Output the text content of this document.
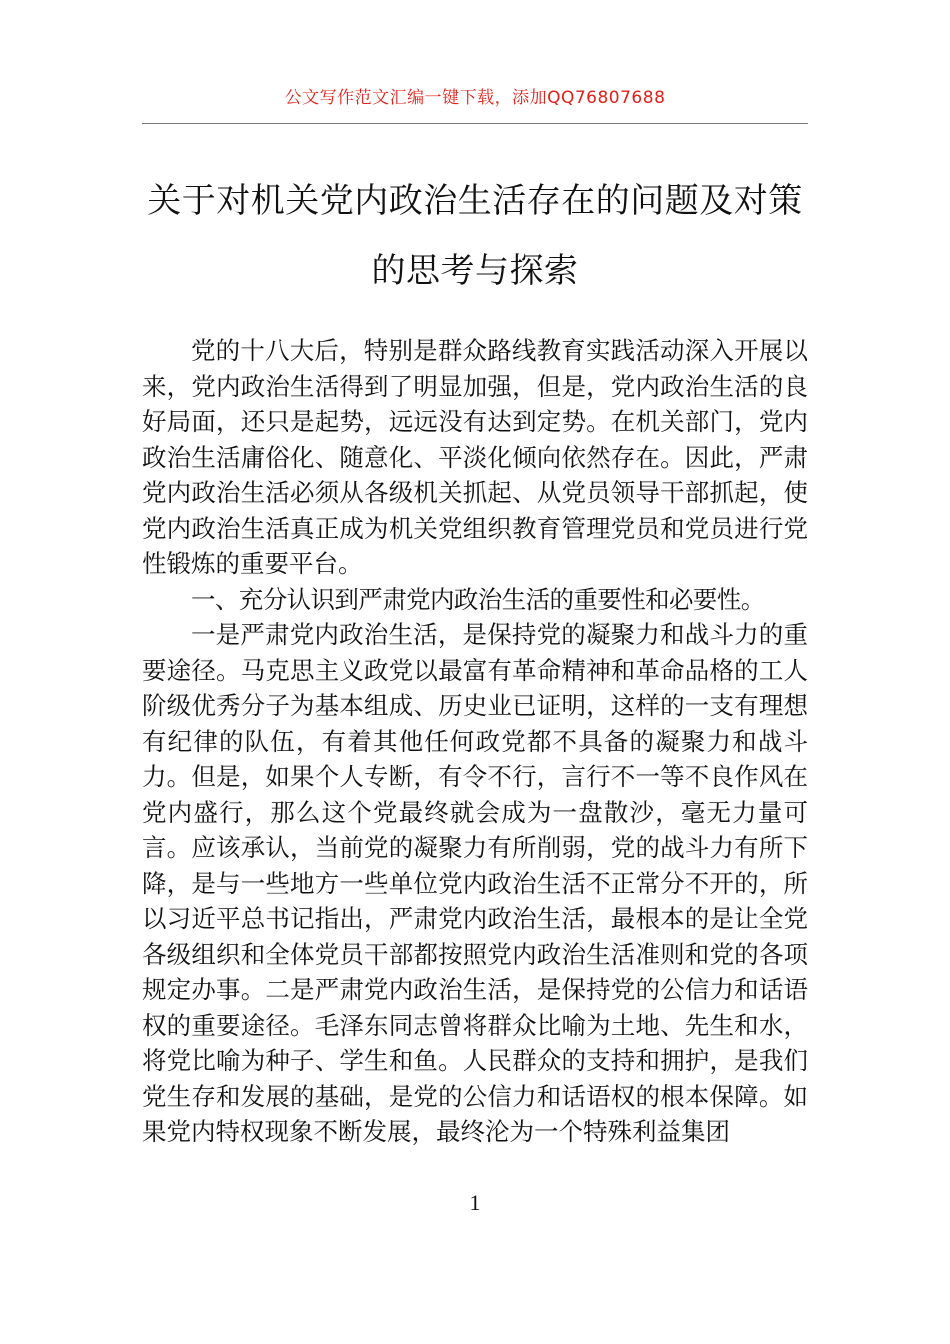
公文写作范文汇编一键下载，添加QQ76807688
关于对机关党内政治生活存在的问题及对策的思考与探索

党的十八大后，特别是群众路线教育实践活动深入开展以来，党内政治生活得到了明显加强，但是，党内政治生活的良好局面，还只是起势，远远没有达到定势。在机关部门，党内政治生活庸俗化、随意化、平淡化倾向依然存在。因此，严肃党内政治生活必须从各级机关抓起、从党员领导干部抓起，使党内政治生活真正成为机关党组织教育管理党员和党员进行党性锻炼的重要平台。

一、充分认识到严肃党内政治生活的重要性和必要性。

一是严肃党内政治生活，是保持党的凝聚力和战斗力的重要途径。马克思主义政党以最富有革命精神和革命品格的工人阶级优秀分子为基本组成、历史业已证明，这样的一支有理想有纪律的队伍，有着其他任何政党都不具备的凝聚力和战斗力。但是，如果个人专断，有令不行，言行不一等不良作风在党内盛行，那么这个党最终就会成为一盘散沙，毫无力量可言。应该承认，当前党的凝聚力有所削弱，党的战斗力有所下降，是与一些地方一些单位党内政治生活不正常分不开的，所以习近平总书记指出，严肃党内政治生活，最根本的是让全党各级组织和全体党员干部都按照党内政治生活准则和党的各项规定办事。二是严肃党内政治生活，是保持党的公信力和话语权的重要途径。毛泽东同志曾将群众比喻为土地、先生和水，将党比喻为种子、学生和鱼。人民群众的支持和拥护，是我们党生存和发展的基础，是党的公信力和话语权的根本保障。如果党内特权现象不断发展，最终沦为一个特殊利益集团

1
